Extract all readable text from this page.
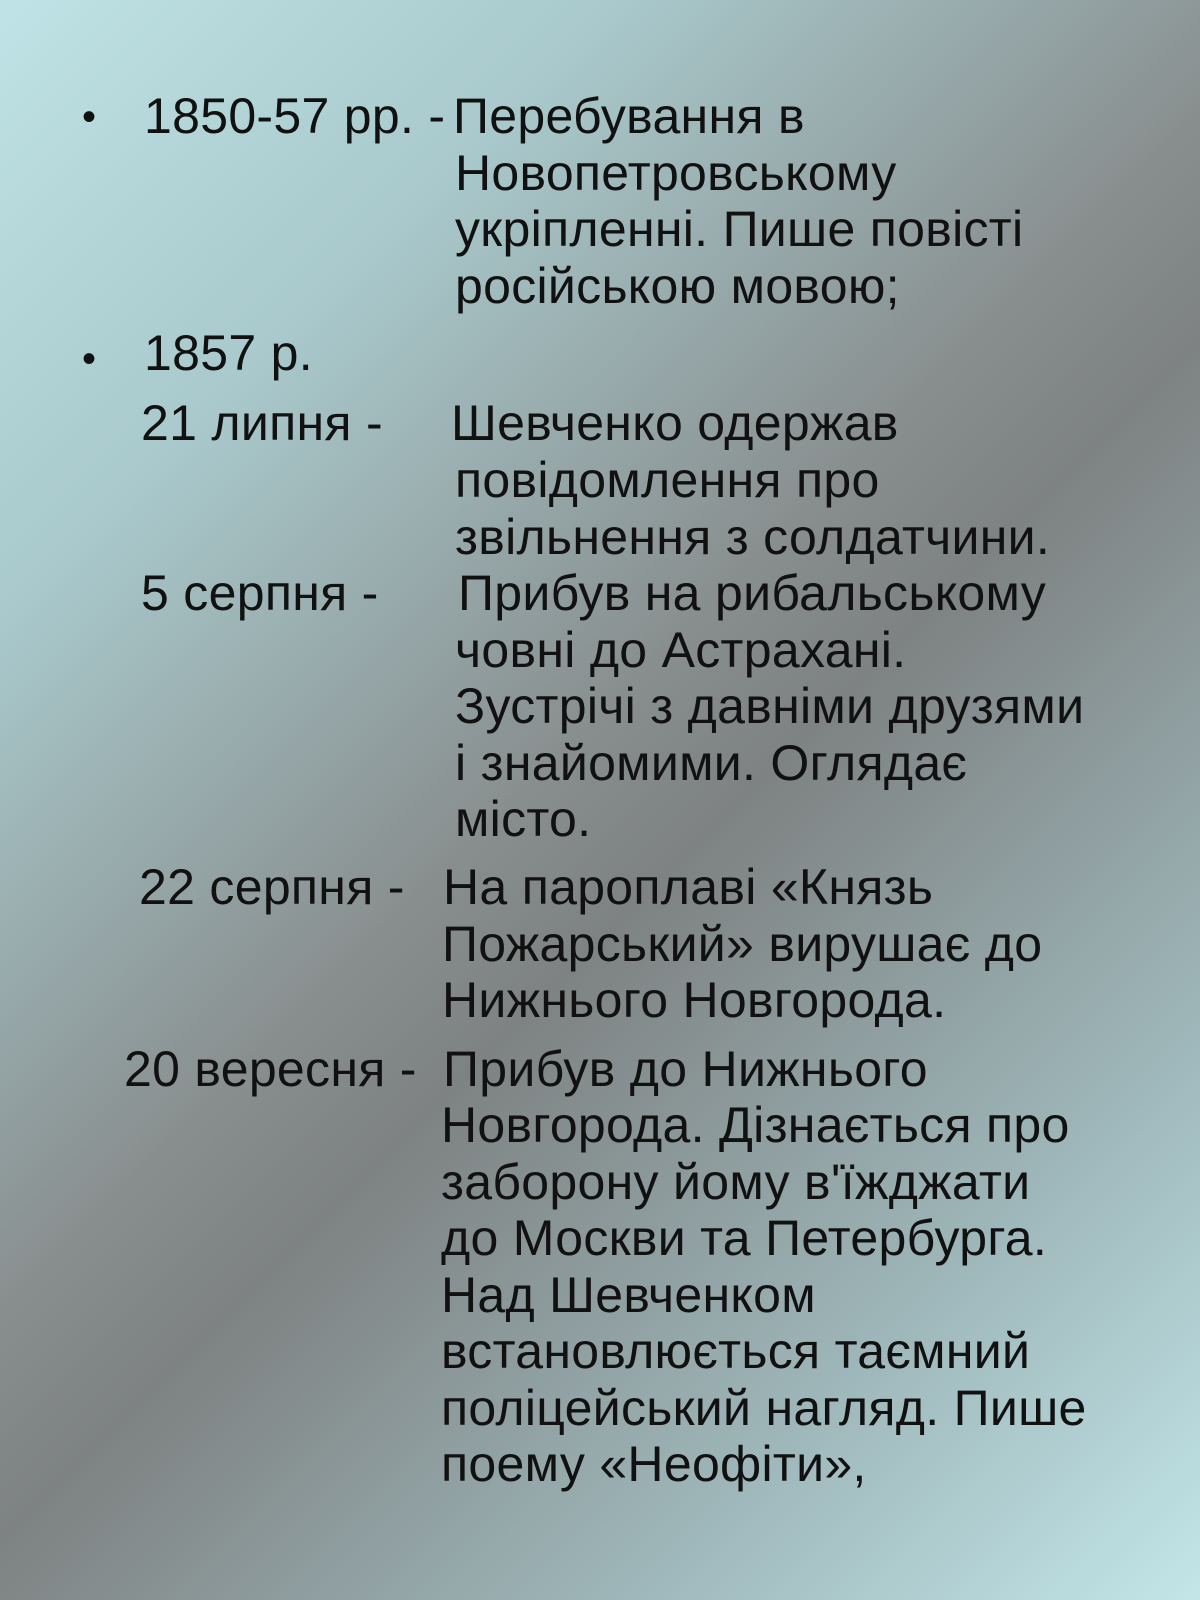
•
•
1850-57 рр. - Перебування в
Новопетровському
укріпленні. Пише повісті
російською мовою;
1857 р.
21 липня - Шевченко одержав
повідомлення про
звільнення з солдатчини.
5 серпня - Прибув на рибальському
човні до Астрахані.
Зустрічі з давніми друзями
і знайомими. Оглядає
місто.
22 серпня - На пароплаві «Князь
Пожарський» вирушає до
Нижнього Новгорода.
20 вересня - Прибув до Нижнього
Новгорода. Дізнається про
заборону йому в'їжджати
до Москви та Петербурга.
Над Шевченком
встановлюється таємний
поліцейський нагляд. Пише
поему «Неофіти»,
